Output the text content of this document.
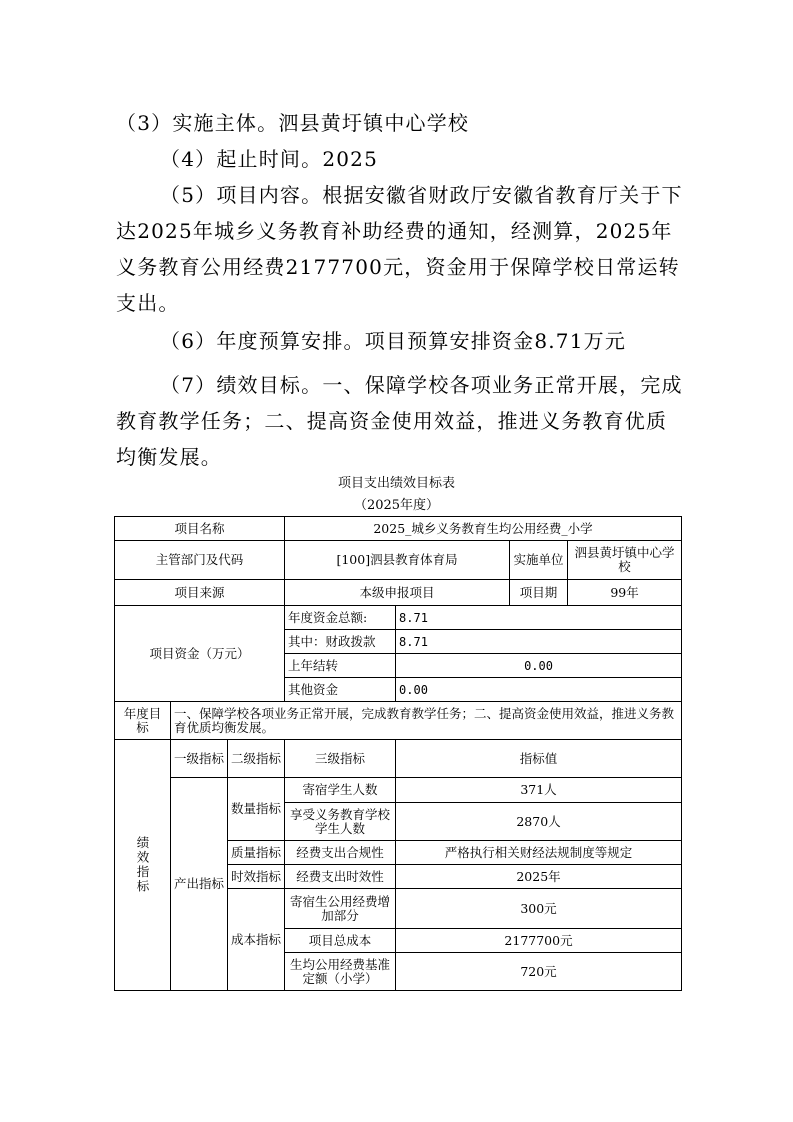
（3）实施主体。泗县黄圩镇中心学校

（4）起止时间。2025

（5）项目内容。根据安徽省财政厅安徽省教育厅关于下达2025年城乡义务教育补助经费的通知，经测算，2025年义务教育公用经费2177700元，资金用于保障学校日常运转支出。

（6）年度预算安排。项目预算安排资金8.71万元

（7）绩效目标。一、保障学校各项业务正常开展，完成教育教学任务；二、提高资金使用效益，推进义务教育优质均衡发展。

项目支出绩效目标表
（2025年度）
项目名称			2025_城乡义务教育生均公用经费_小学			
主管部门及代码			[100]泗县教育体育局		实施单位	泗县黄圩镇中心学校
项目来源			本级申报项目		项目期	99年
项目资金（万元）			年度资金总额:	8.71		
			其中：财政拨款	8.71		
			上年结转	0.00		
			其他资金	0.00		
年度目标	一、保障学校各项业务正常开展，完成教育教学任务；二、提高资金使用效益，推进义务教育优质均衡发展。					
绩效指标	一级指标	二级指标	三级指标	指标值		
	产出指标	数量指标	寄宿学生人数	371人		
			享受义务教育学校学生人数	2870人		
		质量指标	经费支出合规性	严格执行相关财经法规制度等规定		
		时效指标	经费支出时效性	2025年		
		成本指标	寄宿生公用经费增加部分	300元		
			项目总成本	2177700元		
			生均公用经费基准定额（小学）	720元		
